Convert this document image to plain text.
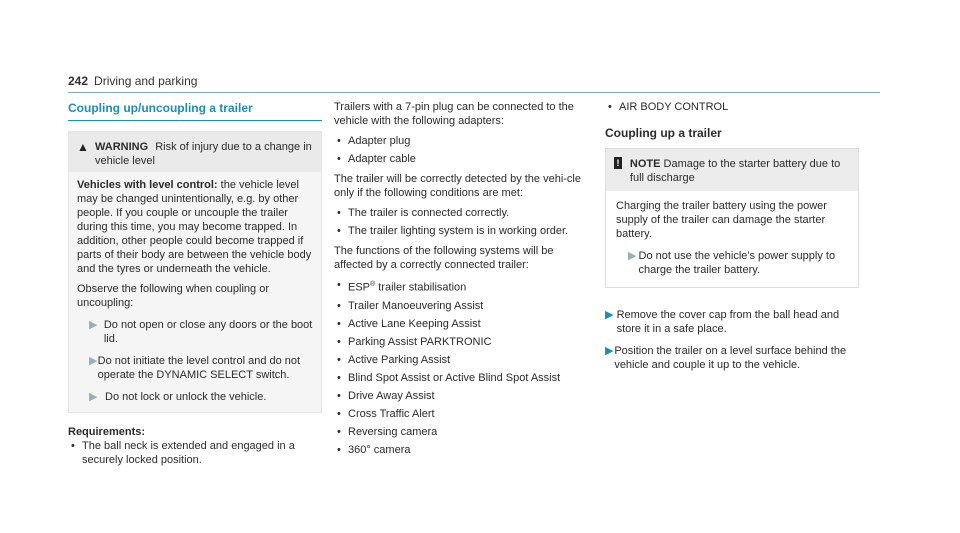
242 Driving and parking
Coupling up/uncoupling a trailer
▲ WARNING Risk of injury due to a change in vehicle level

Vehicles with level control: the vehicle level may be changed unintentionally, e.g. by other people. If you couple or uncouple the trailer during this time, you may become trapped. In addition, other people could become trapped if parts of their body are between the vehicle body and the tyres or underneath the vehicle.

Observe the following when coupling or uncoupling:

▶ Do not open or close any doors or the boot lid.
▶ Do not initiate the level control and do not operate the DYNAMIC SELECT switch.
▶ Do not lock or unlock the vehicle.
Requirements:
• The ball neck is extended and engaged in a securely locked position.

Trailers with a 7-pin plug can be connected to the vehicle with the following adapters:

• Adapter plug
• Adapter cable

The trailer will be correctly detected by the vehi-cle only if the following conditions are met:

• The trailer is connected correctly.
• The trailer lighting system is in working order.

The functions of the following systems will be affected by a correctly connected trailer:

• ESP® trailer stabilisation
• Trailer Manoeuvering Assist
• Active Lane Keeping Assist
• Parking Assist PARKTRONIC
• Active Parking Assist
• Blind Spot Assist or Active Blind Spot Assist
• Drive Away Assist
• Cross Traffic Alert
• Reversing camera
• 360° camera
• AIR BODY CONTROL
Coupling up a trailer
! NOTE Damage to the starter battery due to full discharge

Charging the trailer battery using the power supply of the trailer can damage the starter battery.

▶ Do not use the vehicle's power supply to charge the trailer battery.
▶ Remove the cover cap from the ball head and store it in a safe place.
▶ Position the trailer on a level surface behind the vehicle and couple it up to the vehicle.
